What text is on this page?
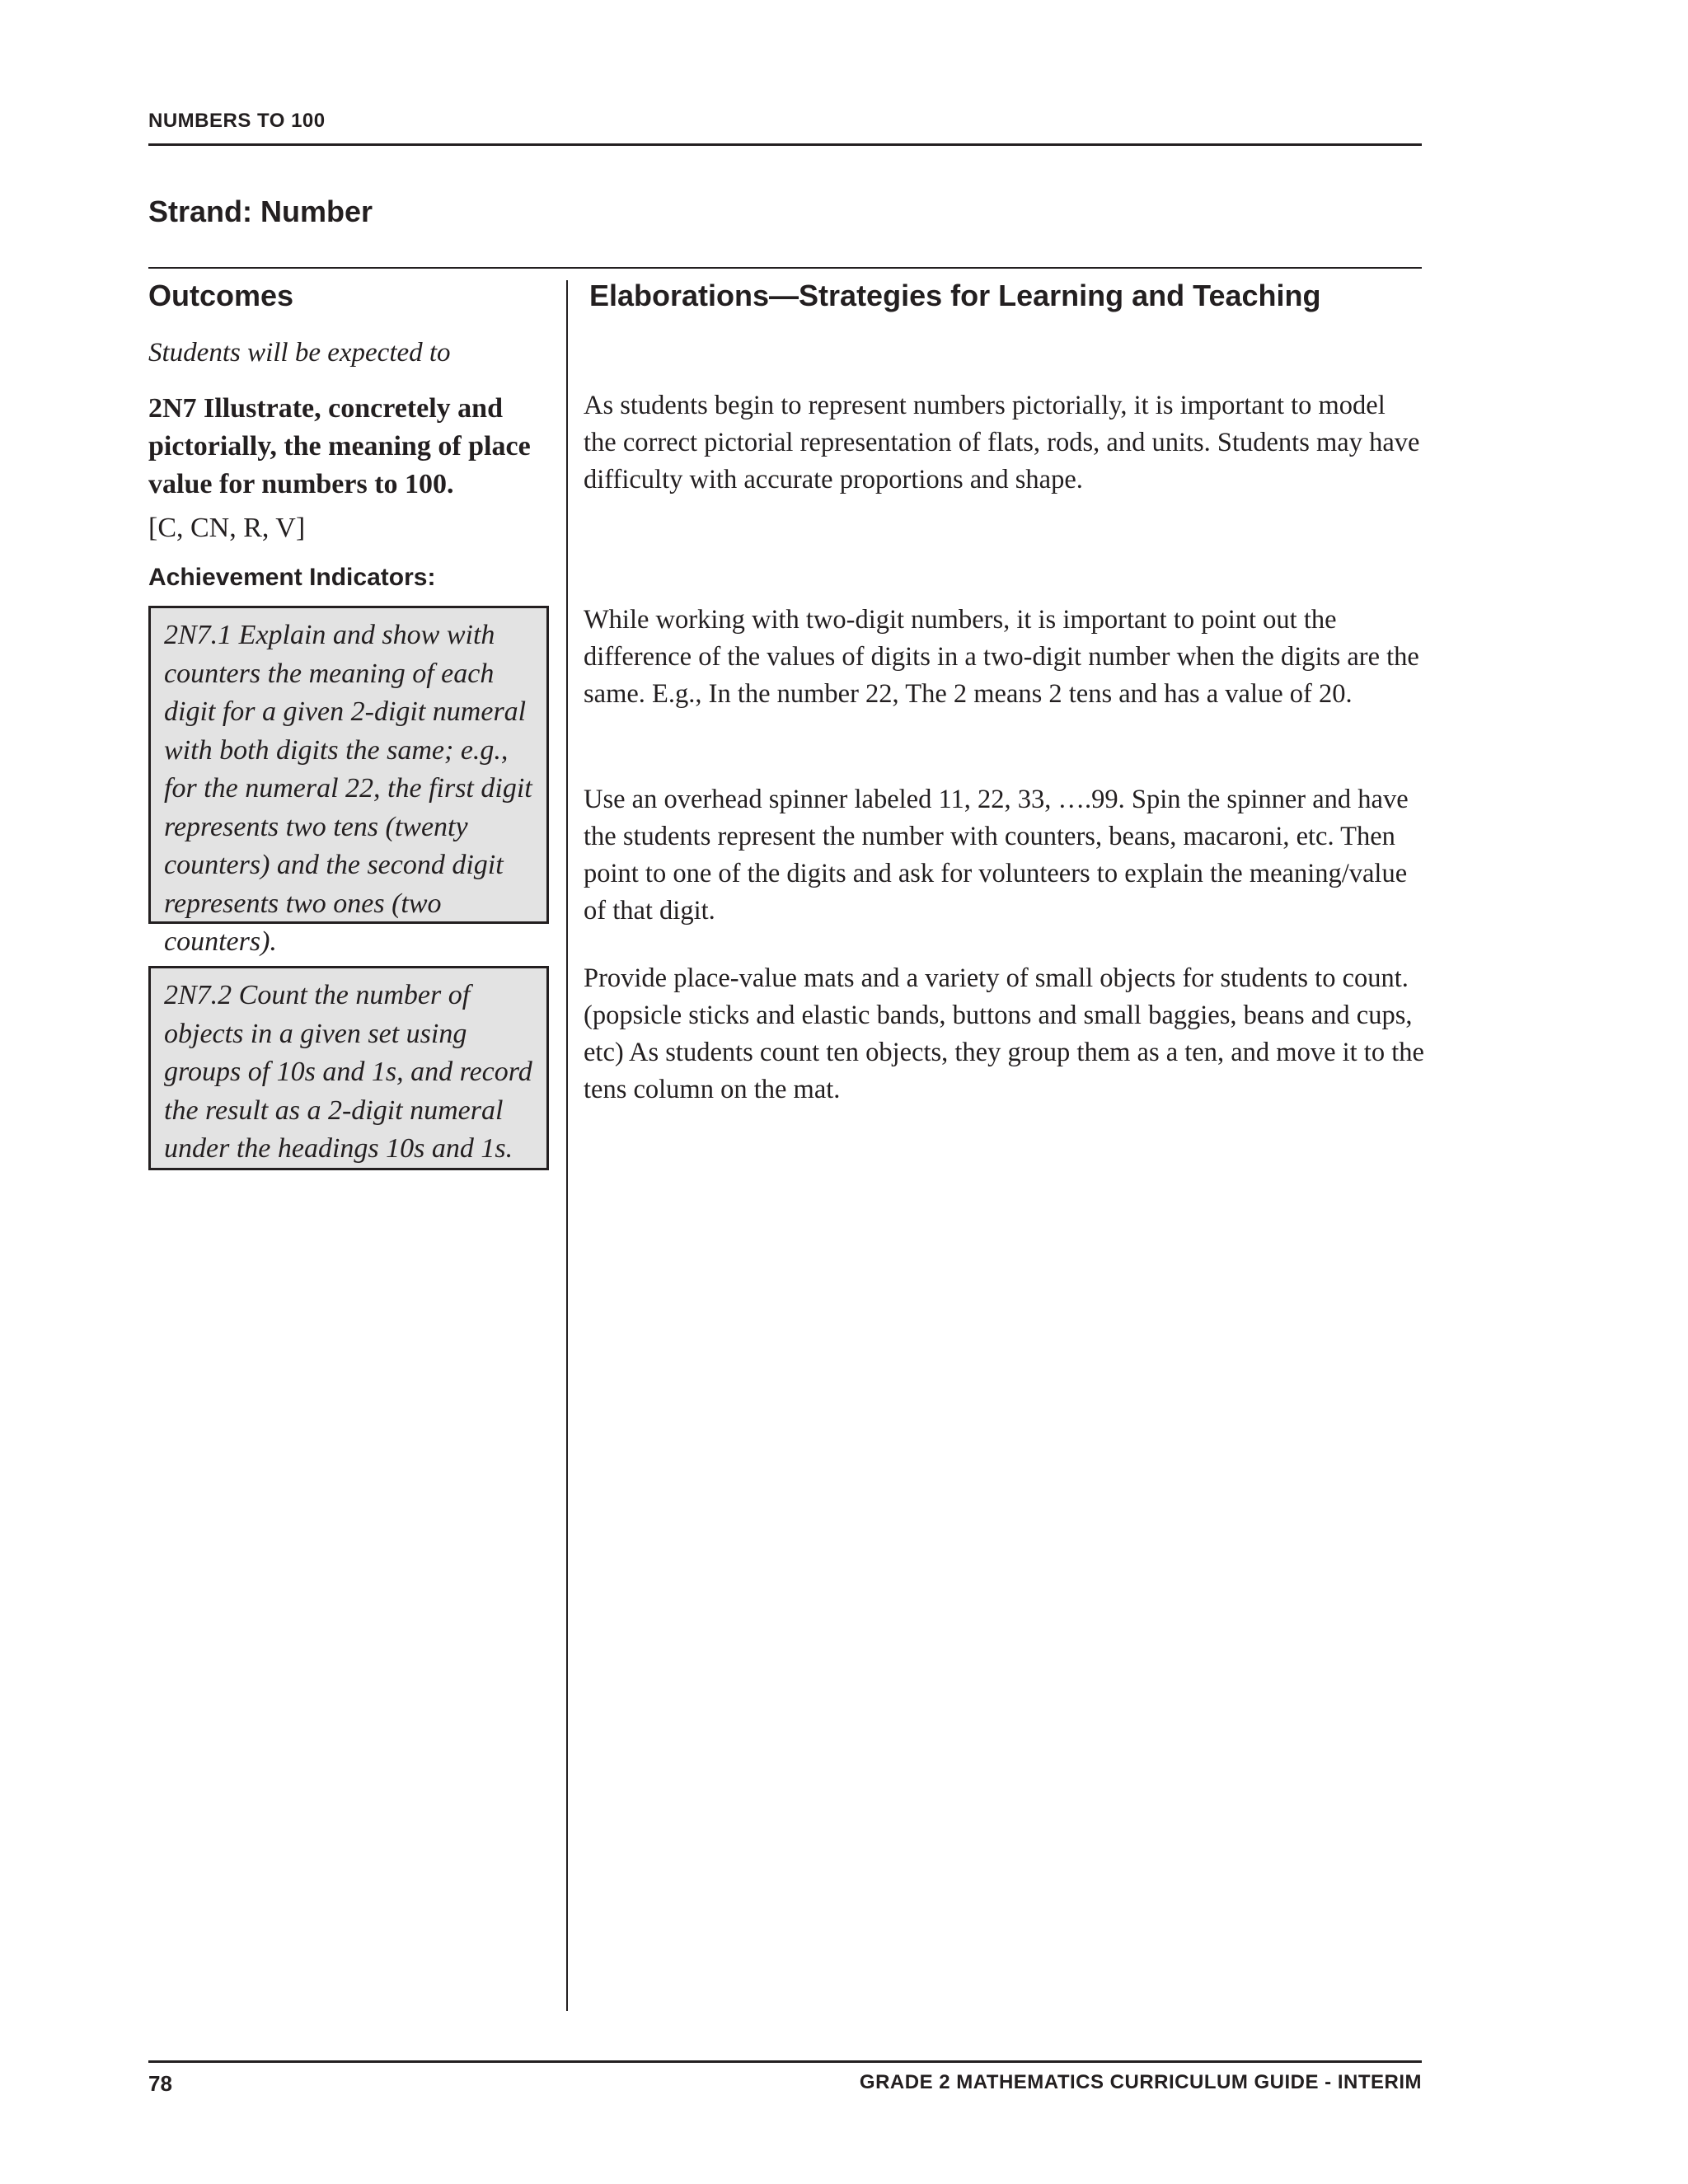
NUMBERS TO 100
Strand: Number
Outcomes
Students will be expected to
2N7 Illustrate, concretely and pictorially, the meaning of place value for numbers to 100.
[C, CN, R, V]
Achievement Indicators:
2N7.1 Explain and show with counters the meaning of each digit for a given 2-digit numeral with both digits the same; e.g., for the numeral 22, the first digit represents two tens (twenty counters) and the second digit represents two ones (two counters).
2N7.2 Count the number of objects in a given set using groups of 10s and 1s, and record the result as a 2-digit numeral under the headings 10s and 1s.
Elaborations—Strategies for Learning and Teaching
As students begin to represent numbers pictorially, it is important to model the correct pictorial representation of flats, rods, and units. Students may have difficulty with accurate proportions and shape.
While working with two-digit numbers, it is important to point out the difference of the values of digits in a two-digit number when the digits are the same. E.g., In the number 22, The 2 means 2 tens and has a value of 20.
Use an overhead spinner labeled 11, 22, 33, ….99. Spin the spinner and have the students represent the number with counters, beans, macaroni, etc. Then point to one of the digits and ask for volunteers to explain the meaning/value of that digit.
Provide place-value mats and a variety of small objects for students to count. (popsicle sticks and elastic bands, buttons and small baggies, beans and cups, etc) As students count ten objects, they group them as a ten, and move it to the tens column on the mat.
78	GRADE 2 MATHEMATICS CURRICULUM GUIDE - INTERIM
